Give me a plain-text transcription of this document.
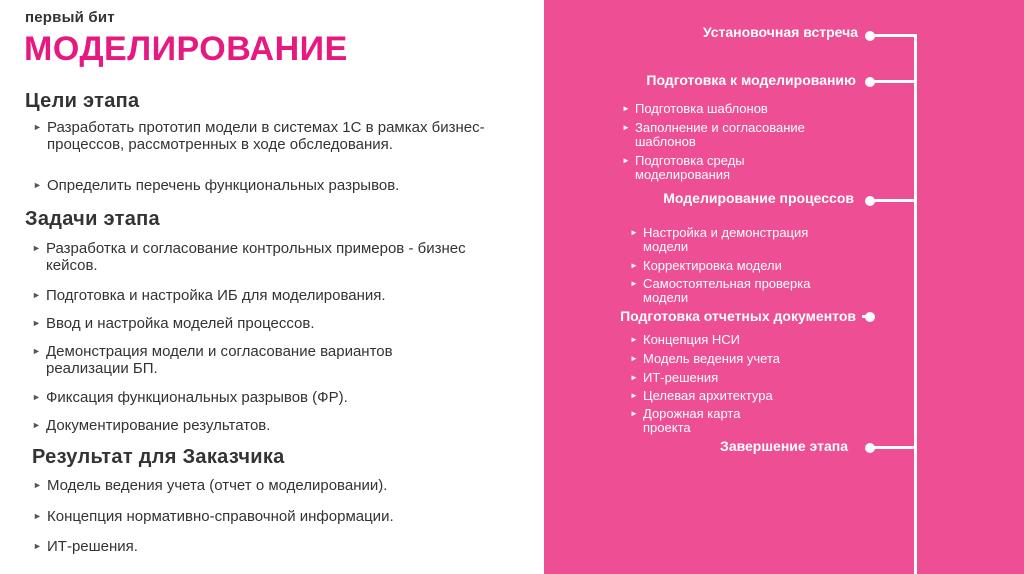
первый бит
МОДЕЛИРОВАНИЕ
Цели этапа
► Разработать прототип модели в системах 1С в рамках бизнес-процессов, рассмотренных в ходе обследования.
► Определить перечень функциональных разрывов.
Задачи этапа
► Разработка и согласование контрольных примеров - бизнес кейсов.
► Подготовка и настройка ИБ для моделирования.
► Ввод и настройка моделей процессов.
► Демонстрация модели и согласование вариантов реализации БП.
► Фиксация функциональных разрывов (ФР).
► Документирование результатов.
Результат для Заказчика
► Модель ведения учета (отчет о моделировании).
► Концепция нормативно-справочной информации.
► ИТ-решения.
Установочная встреча
Подготовка к моделированию
► Подготовка шаблонов
► Заполнение и согласование шаблонов
► Подготовка среды моделирования
Моделирование процессов
► Настройка и демонстрация модели
► Корректировка модели
► Самостоятельная проверка модели
Подготовка отчетных документов
► Концепция НСИ
► Модель ведения учета
► ИТ-решения
► Целевая архитектура
► Дорожная карта проекта
Завершение этапа
